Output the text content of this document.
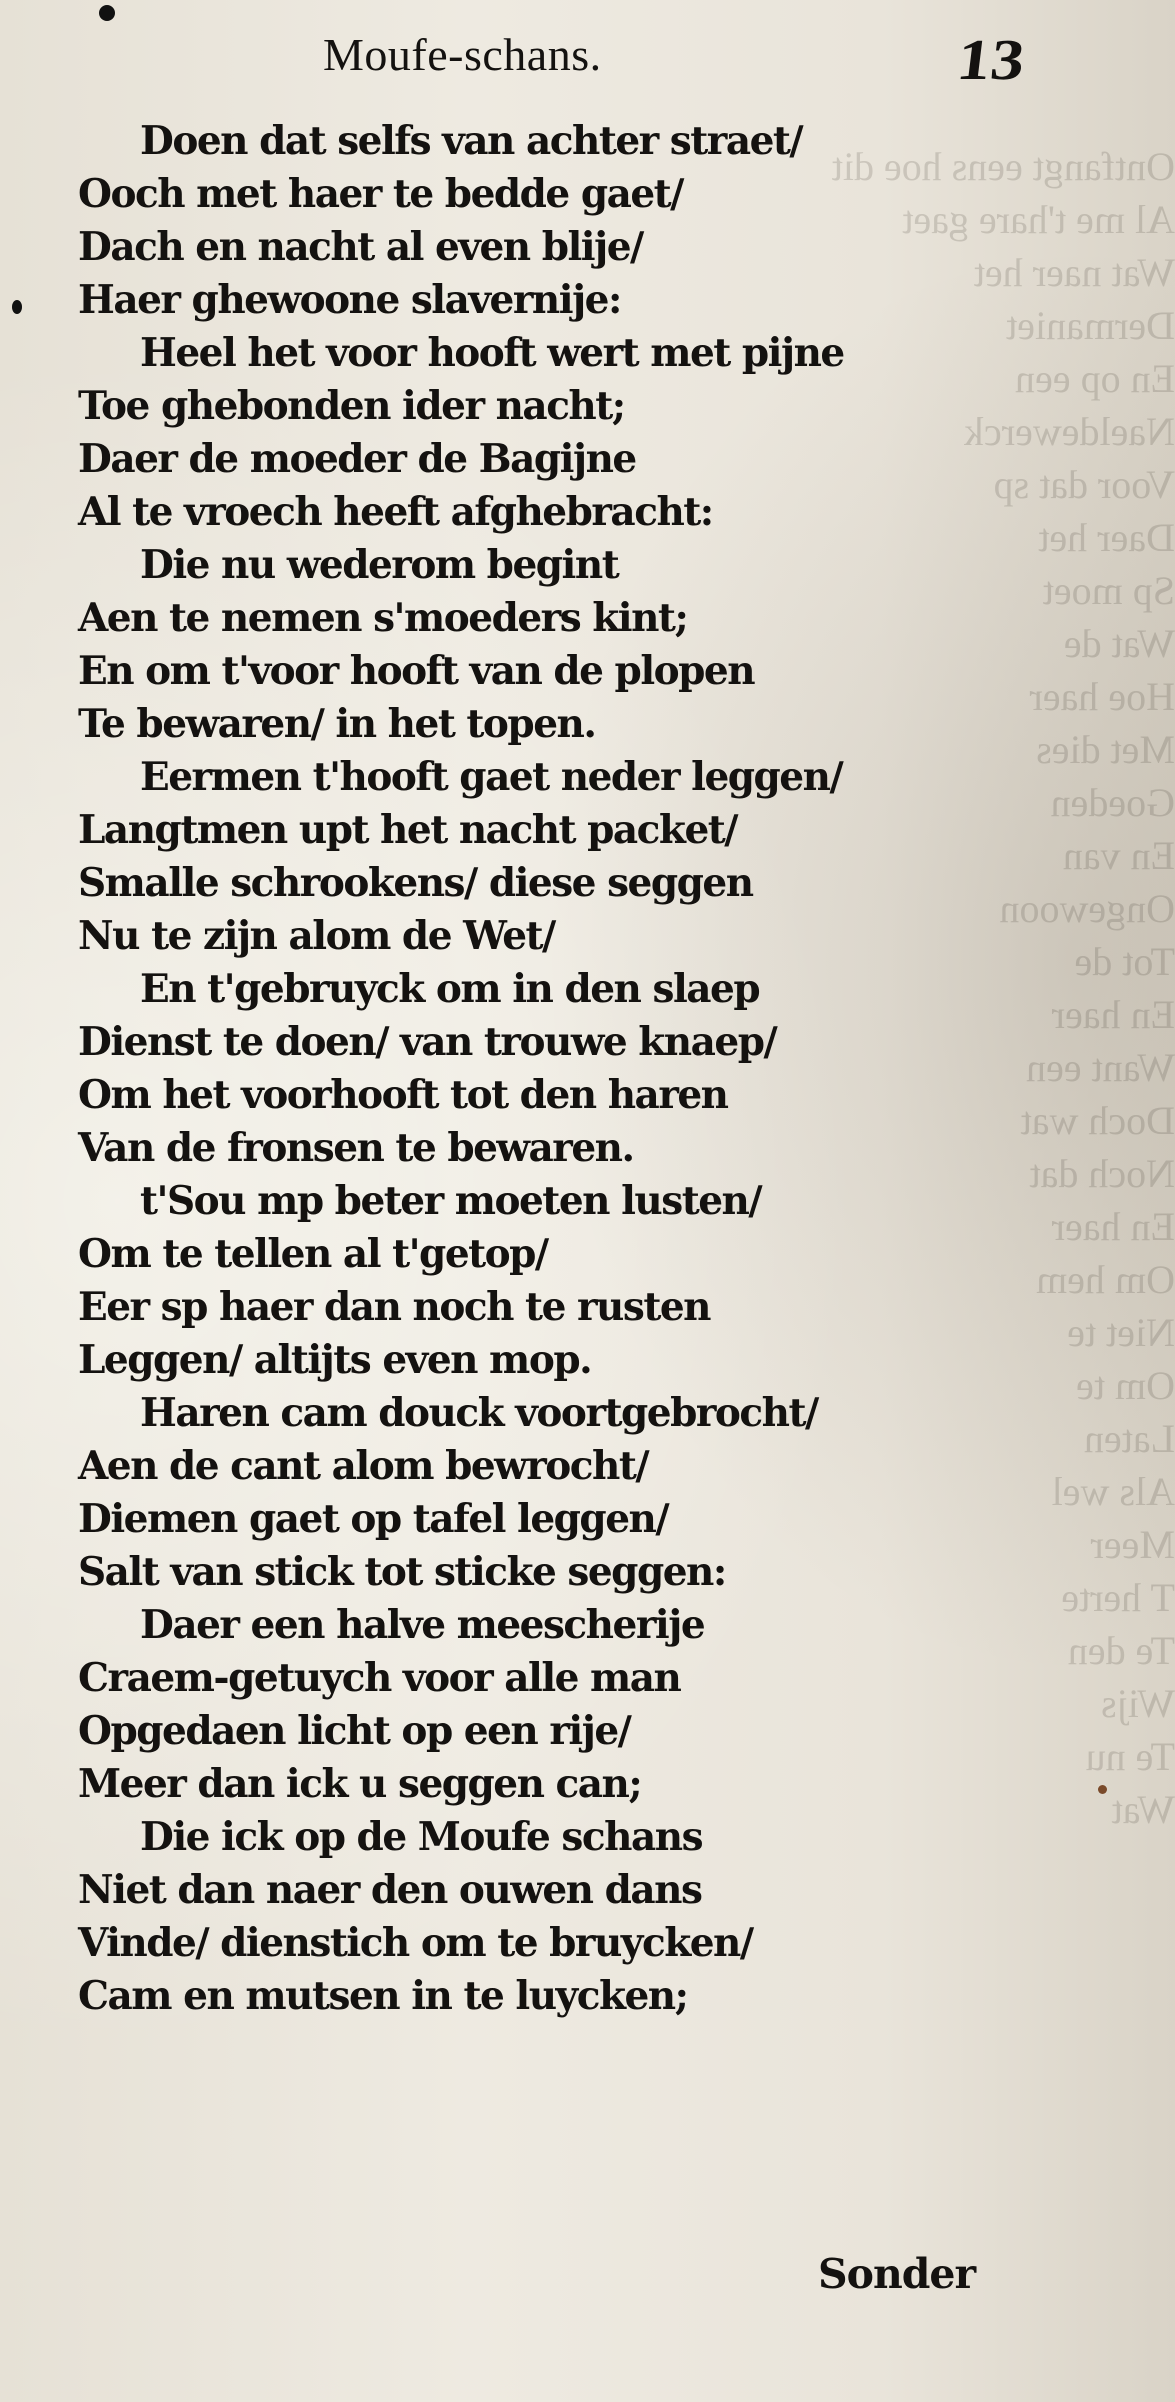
Ontfangt eens hoe dit
Al me t'hare gaet
Wat naer het
Dermaniet
En op een
Naeldewerck
Voor dat sp
Daer het
Sp moet
Wat de
Hoe haer
Met dies
Goeden
En van
Ongewoon
Tot de
En haer
Want een
Doch wat
Noch dat
En haer
Om hem
Niet te
Om te
Laten
Als wel
Meer
T herte
Te den
Wijs
Te nu
Wat
Moufe-schans.	13
Doen dat selfs van achter straet/
Ooch met haer te bedde gaet/
Dach en nacht al even blije/
Haer ghewoone slavernije:
Heel het voor hooft wert met pijne
Toe ghebonden ider nacht;
Daer de moeder de Bagijne
Al te vroech heeft afghebracht:
Die nu wederom begint
Aen te nemen s'moeders kint;
En om t'voor hooft van de plopen
Te bewaren/ in het topen.
Eermen t'hooft gaet neder leggen/
Langtmen upt het nacht packet/
Smalle schrookens/ diese seggen
Nu te zijn alom de Wet/
En t'gebruyck om in den slaep
Dienst te doen/ van trouwe knaep/
Om het voorhooft tot den haren
Van de fronsen te bewaren.
t'Sou mp beter moeten lusten/
Om te tellen al t'getop/
Eer sp haer dan noch te rusten
Leggen/ altijts even mop.
Haren cam douck voortgebrocht/
Aen de cant alom bewrocht/
Diemen gaet op tafel leggen/
Salt van stick tot sticke seggen:
Daer een halve meescherije
Craem-getuych voor alle man
Opgedaen licht op een rije/
Meer dan ick u seggen can;
Die ick op de Moufe schans
Niet dan naer den ouwen dans
Vinde/ dienstich om te bruycken/
Cam en mutsen in te luycken;
Sonder
